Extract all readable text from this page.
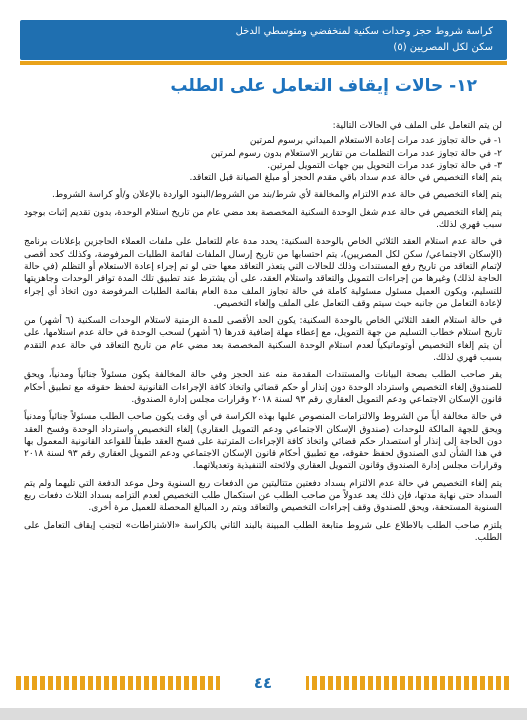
كراسة شروط حجز وحدات سكنية لمنخفضي ومتوسطي الدخل
سكن لكل المصريين (٥)
١٢- حالات إيقاف التعامل على الطلب

لن يتم التعامل على الملف في الحالات التالية:

١- في حالة تجاوز عدد مرات إعادة الاستعلام الميداني برسوم لمرتين
٢- في حالة تجاوز عدد مرات التظلمات من تقارير الاستعلام بدون رسوم لمرتين
٣- في حالة تجاوز عدد مرات التحويل بين جهات التمويل لمرتين.
يتم إلغاء التخصيص في حالة عدم سداد باقي مقدم الحجز أو مبلغ الصيانة قبل التعاقد.
يتم إلغاء التخصيص في حالة عدم الالتزام والمخالفة لأي شرط/بند من الشروط/البنود الواردة بالإعلان و/أو كراسة الشروط.
يتم إلغاء التخصيص في حالة عدم شغل الوحدة السكنية المخصصة بعد مضي عام من تاريخ استلام الوحدة، بدون تقديم إثبات بوجود سبب قهري لذلك.
في حالة عدم استلام العقد الثلاثي الخاص بالوحدة السكنية: يحدد مدة عام للتعامل على ملفات العملاء الحاجزين بإعلانات برنامج (الإسكان الاجتماعي/ سكن لكل المصريين)، يتم احتسابها من تاريخ إرسال الملفات لقائمة الطلبات المرفوضة، وكذلك كحد أقصى لإتمام التعاقد من تاريخ رفع المستندات وذلك للحالات التي يتعذر التعاقد معها حتى لو تم إجراء إعادة الاستعلام أو التظلم (في حالة الحاجة لذلك) وغيرها من إجراءات التمويل والتعاقد واستلام العقد، على أن يشترط عند تطبيق تلك المدة توافر الوحدات وجاهزيتها للتسليم، ويكون العميل مسئول مسئولية كاملة في حالة تجاوز الملف مدة العام بقائمة الطلبات المرفوضة دون اتخاذ أي إجراء لإعادة التعامل من جانبه حيث سيتم وقف التعامل على الملف وإلغاء التخصيص.
في حالة استلام العقد الثلاثي الخاص بالوحدة السكنية: يكون الحد الأقصى للمدة الزمنية لاستلام الوحدات السكنية (٦ أشهر) من تاريخ استلام خطاب التسليم من جهة التمويل، مع إعطاء مهلة إضافية قدرها (٦ أشهر) لسحب الوحدة في حالة عدم استلامها، على أن يتم إلغاء التخصيص أوتوماتيكياً لعدم استلام الوحدة السكنية المخصصة بعد مضي عام من تاريخ التعاقد في حالة عدم التقدم بسبب قهري لذلك.
يقر صاحب الطلب بصحة البيانات والمستندات المقدمة منه عند الحجز وفي حالة المخالفة يكون مسئولاً جنائياً ومدنياً، ويحق للصندوق إلغاء التخصيص واسترداد الوحدة دون إنذار أو حكم قضائي واتخاذ كافة الإجراءات القانونية لحفظ حقوقه مع تطبيق أحكام قانون الإسكان الاجتماعي ودعم التمويل العقاري رقم ٩٣ لسنة ٢٠١٨ وقرارات مجلس إدارة الصندوق.
في حالة مخالفة أياً من الشروط والالتزامات المنصوص عليها بهذه الكراسة في أي وقت يكون صاحب الطلب مسئولاً جنائياً ومدنياً ويحق للجهة المالكة للوحدات (صندوق الإسكان الاجتماعي ودعم التمويل العقاري) إلغاء التخصيص واسترداد الوحدة وفسخ العقد دون الحاجة إلى إنذار أو استصدار حكم قضائي واتخاذ كافة الإجراءات المترتبة على فسخ العقد طبقاً للقواعد القانونية المعمول بها في هذا الشأن لدى الصندوق لحفظ حقوقه، مع تطبيق أحكام قانون الإسكان الاجتماعي ودعم التمويل العقاري رقم ٩٣ لسنة ٢٠١٨ وقرارات مجلس إدارة الصندوق وقانون التمويل العقاري ولائحته التنفيذية وتعديلاتهما.
يتم إلغاء التخصيص في حالة عدم الالتزام بسداد دفعتين متتاليتين من الدفعات ربع السنوية وحل موعد الدفعة التي تليهما ولم يتم السداد حتى نهاية مدتها، فإن ذلك يعد عدولاً من صاحب الطلب عن استكمال طلب التخصيص لعدم التزامه بسداد الثلاث دفعات ربع السنوية المستحقة، ويحق للصندوق وقف إجراءات التخصيص والتعاقد ويتم رد المبالغ المحصلة للعميل مرة أخرى.
يلتزم صاحب الطلب بالاطلاع على شروط متابعة الطلب المبينة بالبند الثاني بالكراسة «الاشتراطات» لتجنب إيقاف التعامل على الطلب.
٤٤
